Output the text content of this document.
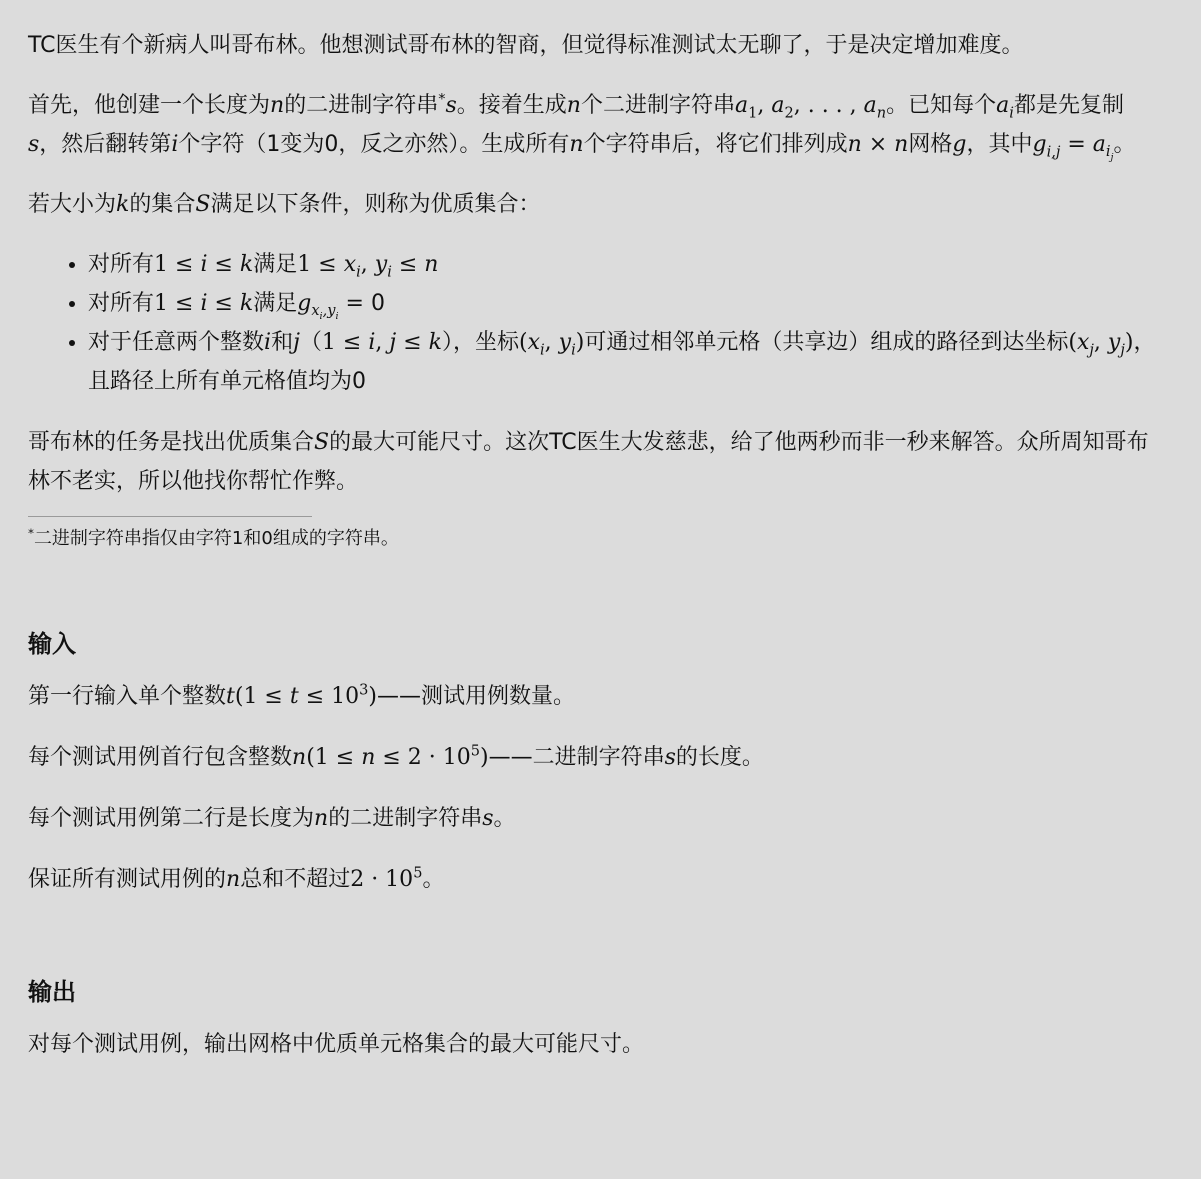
TC医生有个新病人叫哥布林。他想测试哥布林的智商，但觉得标准测试太无聊了，于是决定增加难度。

首先，他创建一个长度为n的二进制字符串*s。接着生成n个二进制字符串$a_1$, $a_2$, . . . , $a_n$。已知每个$a_i$都是先复制s，然后翻转第i个字符（1变为0，反之亦然）。生成所有n个字符串后，将它们排列成n × n网格g，其中$g_{i,j} = a_{i_j}$。

若大小为k的集合S满足以下条件，则称为优质集合：

• 对所有1 ≤ i ≤ k满足$1 \le x_i$, $y_i \le n$
• 对所有1 ≤ i ≤ k满足$g_{x_i,y_i} = 0$
• 对于任意两个整数i和j（1 ≤ i, j ≤ k），坐标($x_i$, $y_i$)可通过相邻单元格（共享边）组成的路径到达坐标($x_j$, $y_j$)，且路径上所有单元格值均为0

哥布林的任务是找出优质集合S的最大可能尺寸。这次TC医生大发慈悲，给了他两秒而非一秒来解答。众所周知哥布林不老实，所以他找你帮忙作弊。

*二进制字符串指仅由字符1和0组成的字符串。
输入

第一行输入单个整数$t(1 \le t \le 10^3)——$测试用例数量。

每个测试用例首行包含整数$n(1 \le n \le 2 \cdot 10^5)——$二进制字符串s的长度。

每个测试用例第二行是长度为n的二进制字符串s。

保证所有测试用例的n总和不超过$2 \cdot 10^5$。

输出

对每个测试用例，输出网格中优质单元格集合的最大可能尺寸。
